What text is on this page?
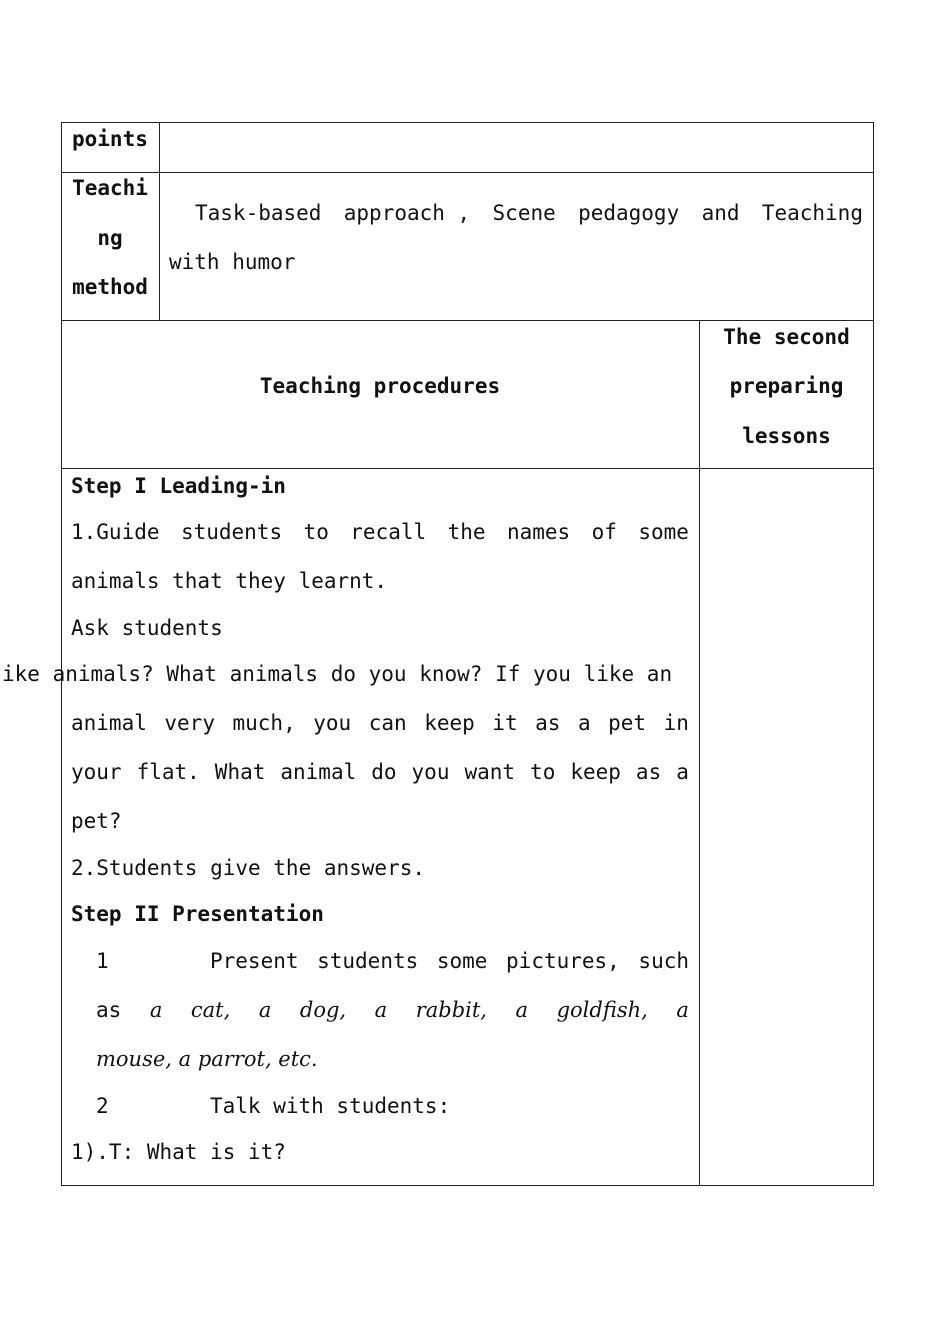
points
Teachi
ng
method
Task-based approach , Scene pedagogy and Teaching
with humor
Teaching procedures
The second
preparing
lessons
Step I Leading-in
1.Guide students to recall the names of some
animals that they learnt.
Ask students
ike animals? What animals do you know? If you like an
animal very much, you can keep it as a pet in
your flat. What animal do you want to keep as a
pet?
2.Students give the answers.
Step II Presentation
1	Present students some pictures, such
as a cat, a dog, a rabbit, a goldfish, a
mouse, a parrot, etc.
2	Talk with students:
1).T: What is it?
